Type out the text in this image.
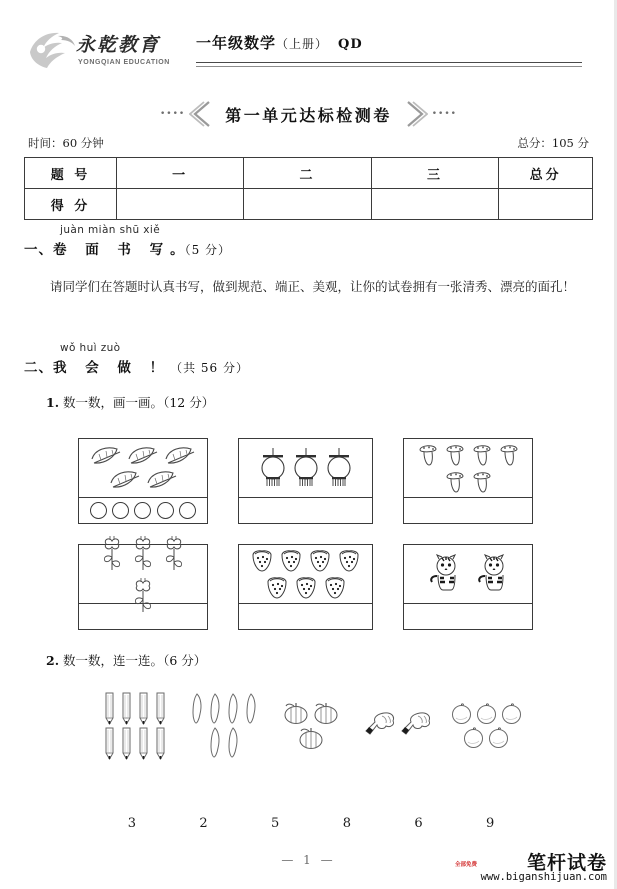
永乾教育
YONGQIAN EDUCATION
一年级数学（上册） QD
••••	第一单元达标检测卷	••••
时间：60 分钟	总分：105 分
题 号	一	二	三	总分
得 分				
juàn miàn shū xiě
一、卷 面 书 写。（5 分）
请同学们在答题时认真书写，做到规范、端正、美观，让你的试卷拥有一张清秀、漂亮的面孔！
wǒ huì zuò
二、我 会 做 ！（共 56 分）
1. 数一数，画一画。（12 分）
2. 数一数，连一连。（6 分）
3	2	5	8	6	9
— 1 —	笔杆试卷
全部免费
www.biganshijuan.com
